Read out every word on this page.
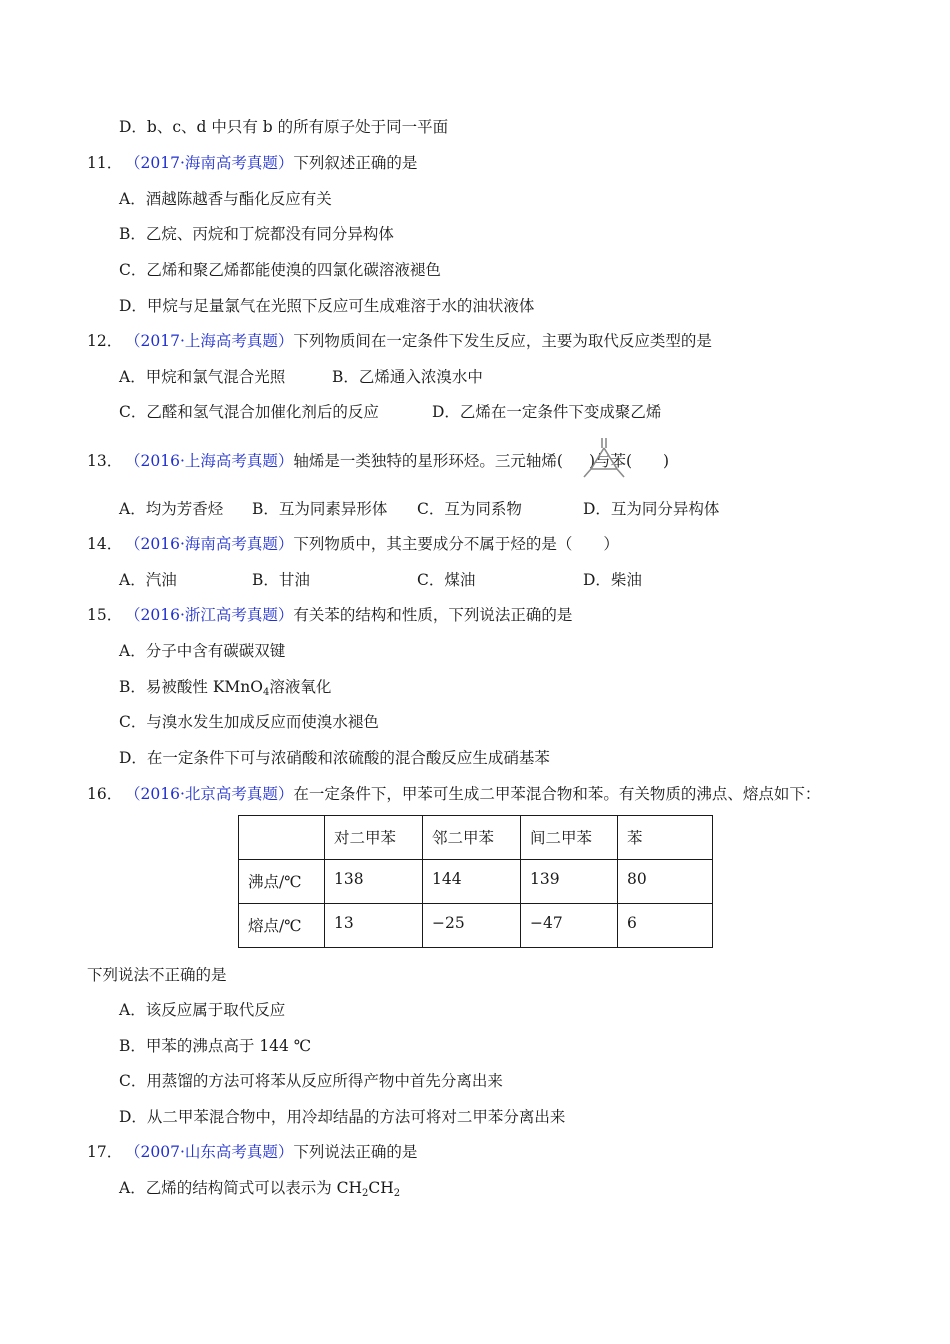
D．b、c、d 中只有 b 的所有原子处于同一平面
11． （2017·海南高考真题）下列叙述正确的是
A．酒越陈越香与酯化反应有关
B．乙烷、丙烷和丁烷都没有同分异构体
C．乙烯和聚乙烯都能使溴的四氯化碳溶液褪色
D．甲烷与足量氯气在光照下反应可生成难溶于水的油状液体
12． （2017·上海高考真题）下列物质间在一定条件下发生反应，主要为取代反应类型的是
A．甲烷和氯气混合光照	B．乙烯通入浓溴水中
C．乙醛和氢气混合加催化剂后的反应	D．乙烯在一定条件下变成聚乙烯
13． （2016·上海高考真题）轴烯是一类独特的星形环烃。三元轴烯( )与苯(　　)
A．均为芳香烃 B．互为同素异形体 C．互为同系物	D．互为同分异构体
14． （2016·海南高考真题）下列物质中，其主要成分不属于烃的是（　　）
A．汽油	B．甘油	C．煤油	D．柴油
15． （2016·浙江高考真题）有关苯的结构和性质，下列说法正确的是
A．分子中含有碳碳双键
B．易被酸性 KMnO$_4$溶液氧化
C．与溴水发生加成反应而使溴水褪色
D．在一定条件下可与浓硝酸和浓硫酸的混合酸反应生成硝基苯
16． （2016·北京高考真题）在一定条件下，甲苯可生成二甲苯混合物和苯。有关物质的沸点、熔点如下：
	对二甲苯	邻二甲苯	间二甲苯	苯
沸点/℃	138	144	139	80
熔点/℃	13	−25	−47	6
下列说法不正确的是
A．该反应属于取代反应
B．甲苯的沸点高于 144 ℃
C．用蒸馏的方法可将苯从反应所得产物中首先分离出来
D．从二甲苯混合物中，用冷却结晶的方法可将对二甲苯分离出来
17． （2007·山东高考真题）下列说法正确的是
A．乙烯的结构简式可以表示为 $CH_2CH_2$
